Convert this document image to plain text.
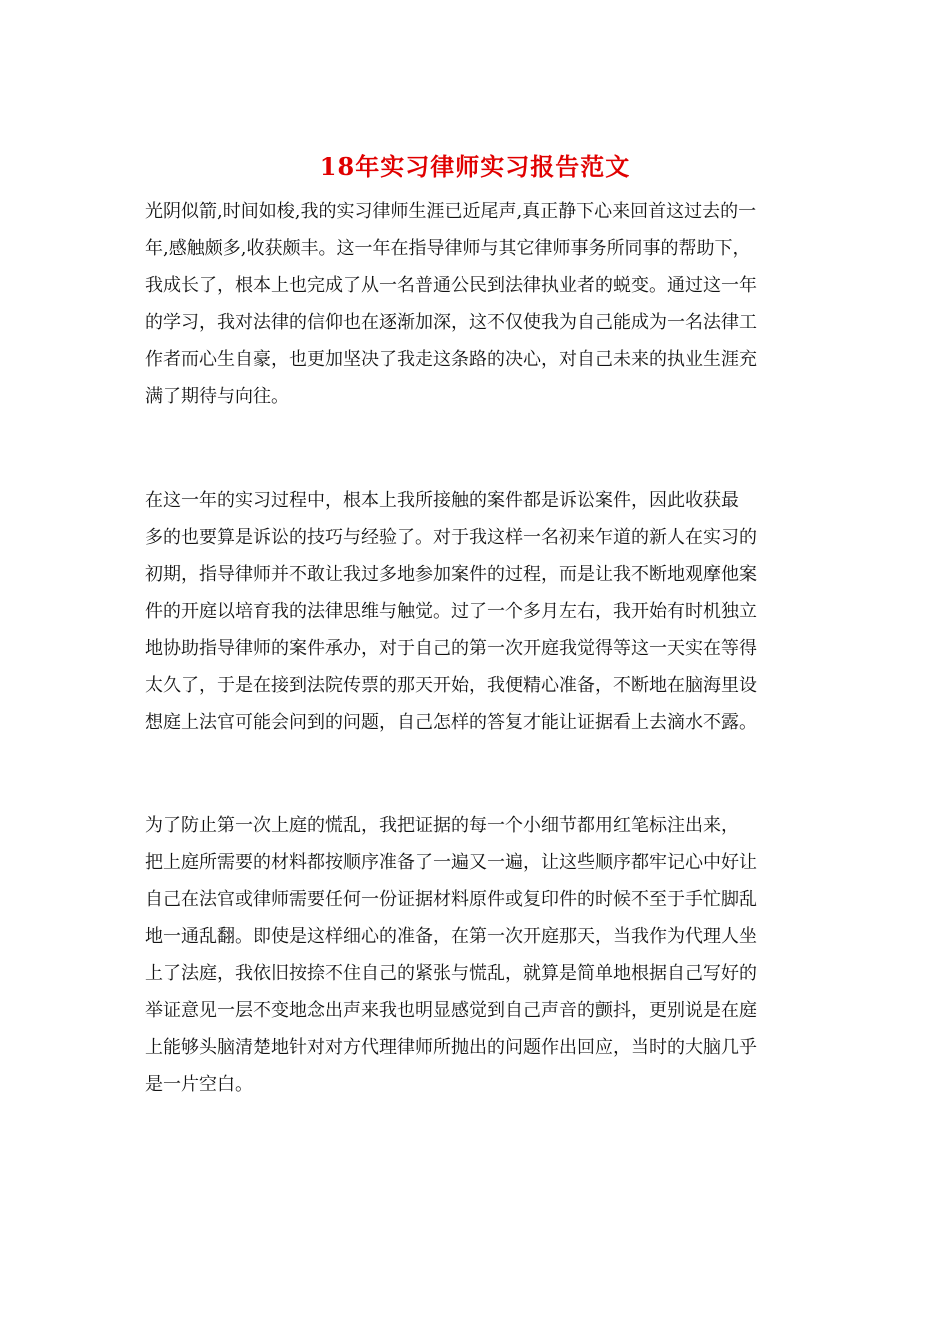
18年实习律师实习报告范文
光阴似箭,时间如梭,我的实习律师生涯已近尾声,真正静下心来回首这过去的一
年,感触颇多,收获颇丰。这一年在指导律师与其它律师事务所同事的帮助下，
我成长了，根本上也完成了从一名普通公民到法律执业者的蜕变。通过这一年
的学习，我对法律的信仰也在逐渐加深，这不仅使我为自己能成为一名法律工
作者而心生自豪，也更加坚决了我走这条路的决心，对自己未来的执业生涯充
满了期待与向往。
在这一年的实习过程中，根本上我所接触的案件都是诉讼案件，因此收获最
多的也要算是诉讼的技巧与经验了。对于我这样一名初来乍道的新人在实习的
初期，指导律师并不敢让我过多地参加案件的过程，而是让我不断地观摩他案
件的开庭以培育我的法律思维与触觉。过了一个多月左右，我开始有时机独立
地协助指导律师的案件承办，对于自己的第一次开庭我觉得等这一天实在等得
太久了，于是在接到法院传票的那天开始，我便精心准备，不断地在脑海里设
想庭上法官可能会问到的问题，自己怎样的答复才能让证据看上去滴水不露。
为了防止第一次上庭的慌乱，我把证据的每一个小细节都用红笔标注出来，
把上庭所需要的材料都按顺序准备了一遍又一遍，让这些顺序都牢记心中好让
自己在法官或律师需要任何一份证据材料原件或复印件的时候不至于手忙脚乱
地一通乱翻。即使是这样细心的准备，在第一次开庭那天，当我作为代理人坐
上了法庭，我依旧按捺不住自己的紧张与慌乱，就算是简单地根据自己写好的
举证意见一层不变地念出声来我也明显感觉到自己声音的颤抖，更别说是在庭
上能够头脑清楚地针对对方代理律师所抛出的问题作出回应，当时的大脑几乎
是一片空白。
